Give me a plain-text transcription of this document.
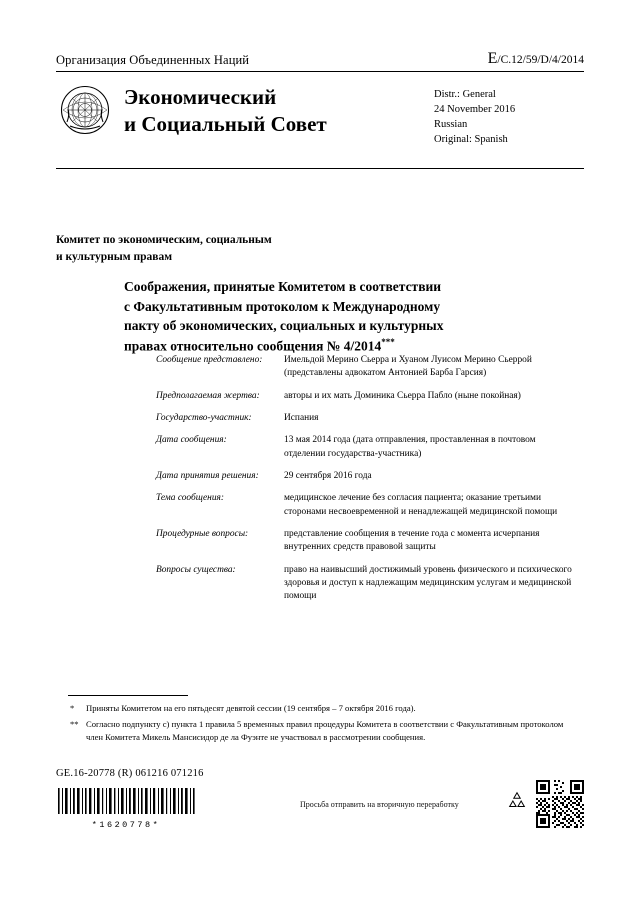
Организация Объединенных Наций	E/C.12/59/D/4/2014
Экономический
и Социальный Совет
Distr.: General
24 November 2016
Russian
Original: Spanish
Комитет по экономическим, социальным
и культурным правам
Соображения, принятые Комитетом в соответствии
с Факультативным протоколом к Международному
пакту об экономических, социальных и культурных
правах относительно сообщения № 4/2014***
Сообщение представлено:	Имельдой Мерино Сьерра и Хуаном Луисом Мерино Сьеррой (представлены адвокатом Антонией Барба Гарсия)
Предполагаемая жертва:	авторы и их мать Доминика Сьерра Пабло (ныне покойная)
Государство-участник:	Испания
Дата сообщения:	13 мая 2014 года (дата отправления, проставленная в почтовом отделении государства-участника)
Дата принятия решения:	29 сентября 2016 года
Тема сообщения:	медицинское лечение без согласия пациента; оказание третьими сторонами несвоевременной и ненадлежащей медицинской помощи
Процедурные вопросы:	представление сообщения в течение года с момента исчерпания внутренних средств правовой защиты
Вопросы существа:	право на наивысший достижимый уровень физического и психического здоровья и доступ к надлежащим медицинским услугам и медицинской помощи
*	Приняты Комитетом на его пятьдесят девятой сессии (19 сентября – 7 октября 2016 года).
** Согласно подпункту c) пункта 1 правила 5 временных правил процедуры Комитета в соответствии с Факультативным протоколом член Комитета Микель Мансисидор де ла Фуэнте не участвовал в рассмотрении сообщения.
GE.16-20778 (R) 061216 071216
*1620778*
Просьба отправить на вторичную переработку
